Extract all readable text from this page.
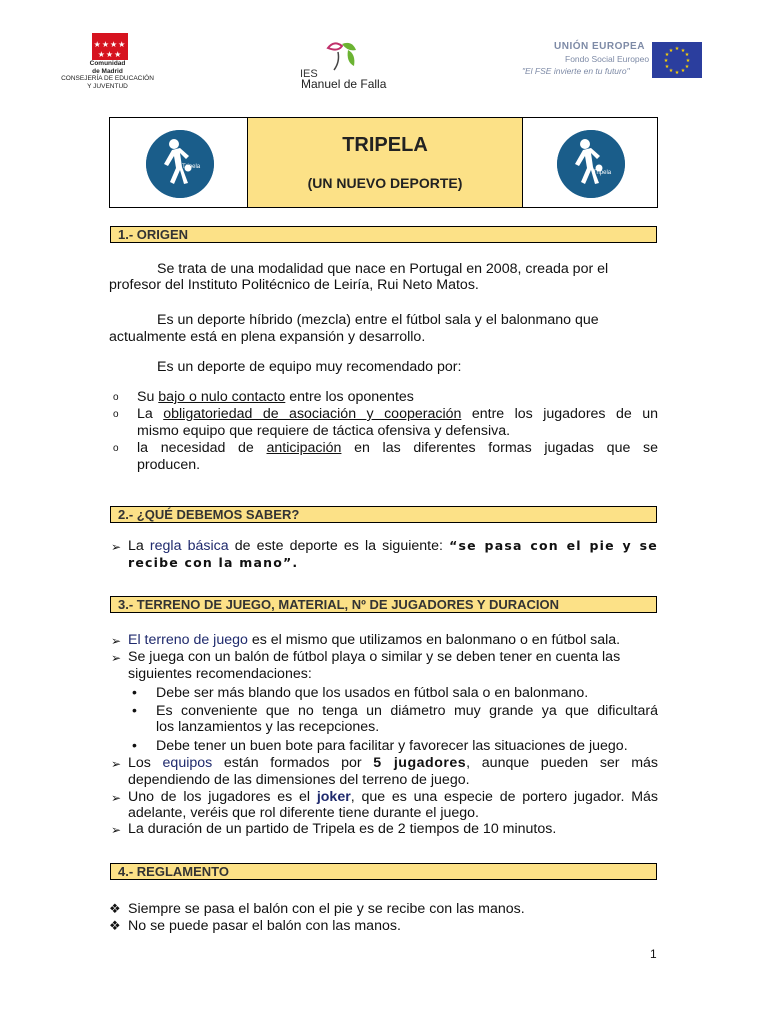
★★★★
★★★
Comunidad
de Madrid
CONSEJERÍA DE EDUCACIÓN
Y JUVENTUD
IES
Manuel de Falla
UNIÓN EUROPEA
Fondo Social Europeo
"El FSE invierte en tu futuro"
★ ★
★
★
★
★
★
★
★
★
★
★
Tripela
TRIPELA
(UN NUEVO DEPORTE)
Tripela
1.- ORIGEN
Se trata de una modalidad que nace en Portugal en 2008, creada por el
profesor del Instituto Politécnico de Leiría, Rui Neto Matos.
Es un deporte híbrido (mezcla) entre el fútbol sala y el balonmano que
actualmente está en plena expansión y desarrollo.
Es un deporte de equipo muy recomendado por:
o Su bajo o nulo contacto entre los oponentes
o La obligatoriedad de asociación y cooperación entre los jugadores de un
mismo equipo que requiere de táctica ofensiva y defensiva.
o la necesidad de anticipación en las diferentes formas jugadas que se
producen.
2.- ¿QUÉ DEBEMOS SABER?
➢ La regla básica de este deporte es la siguiente: “se pasa con el pie y se
recibe con la mano”.
3.- TERRENO DE JUEGO, MATERIAL, Nº DE JUGADORES Y DURACION
➢ El terreno de juego es el mismo que utilizamos en balonmano o en fútbol sala.
➢ Se juega con un balón de fútbol playa o similar y se deben tener en cuenta las
siguientes recomendaciones:
• Debe ser más blando que los usados en fútbol sala o en balonmano.
• Es conveniente que no tenga un diámetro muy grande ya que dificultará
los lanzamientos y las recepciones.
• Debe tener un buen bote para facilitar y favorecer las situaciones de juego.
➢ Los equipos están formados por 5 jugadores, aunque pueden ser más
dependiendo de las dimensiones del terreno de juego.
➢ Uno de los jugadores es el joker, que es una especie de portero jugador. Más
adelante, veréis que rol diferente tiene durante el juego.
➢ La duración de un partido de Tripela es de 2 tiempos de 10 minutos.
4.- REGLAMENTO
❖ Siempre se pasa el balón con el pie y se recibe con las manos.
❖ No se puede pasar el balón con las manos.
1
